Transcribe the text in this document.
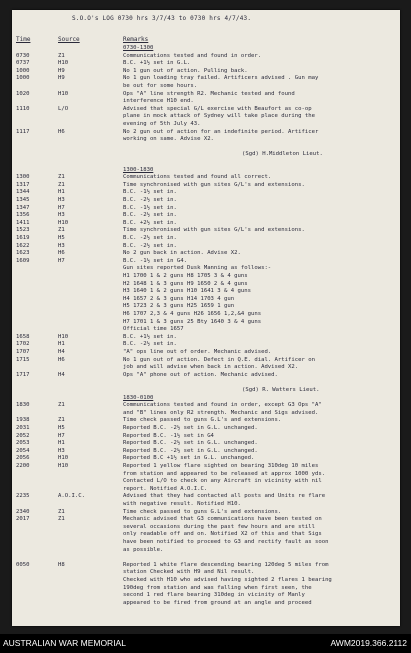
S.O.O's LOG 0730 hrs 3/7/43 to 0730 hrs 4/7/43.
Time	Source	Remarks
0730-1300
0730	Z1	Communications tested and found in order.
0737	H10	B.C. +1½ set in G.L.
1000	H9	No 1 gun out of action. Pulling back.
1000	H9	No 1 gun loading tray failed. Artificers advised . Gun may
be out for some hours.
1020	H10	Ops "A" line strength R2. Mechanic tested and found
interference H10 end.
1110	L/O	Advised that special G/L exercise with Beaufort as co-op
plane in mock attack of Sydney will take place during the
evening of 5th July 43.
1117	H6	No 2 gun out of action for an indefinite period. Artificer
working on same. Advise X2.
(Sgd) H.Middleton Lieut.
1300-1830
1300	Z1	Communications tested and found all correct.
1317	Z1	Time synchronised with gun sites G/L's and extensions.
1344	H1	B.C. -1½ set in.
1345	H3	B.C. -2½ set in.
1347	H7	B.C. -1½ set in.
1356	H3	B.C. -2½ set in.
1411	H10	B.C. +2½ set in.
1523	Z1	Time synchronised with gun sites G/L's and extensions.
1619	H5	B.C. -2½ set in.
1622	H3	B.C. -2½ set in.
1623	H6	No 2 gun back in action. Advise X2.
1609	H7	B.C. -1½ set in G4.
Gun sites reported Dusk Manning as follows:-
H1 1700 1 & 2 guns H8 1705 3 & 4 guns
H2 1648 1 & 3 guns H9 1650 2 & 4 guns
H3 1640 1 & 2 guns H10 1641 3 & 4 guns
H4 1657 2 & 3 guns H14 1703 4 gun
H5 1723 2 & 3 guns H25 1659 1 gun
H6 1707 2,3 & 4 guns H26 1656 1,2,&4 guns
H7 1701 1 & 3 guns 25 Bty 1640 3 & 4 guns
Official time 1657
1658	H10	B.C. +1½ set in.
1702	H1	B.C. -2½ set in.
1707	H4	"A" ops line out of order. Mechanic advised.
1715	H6	No 1 gun out of action. Defect in Q.E. dial. Artificer on
job and will advise when back in action. Advised X2.
1717	H4	Ops "A" phone out of action. Mechanic advised.
(Sgd) R. Watters Lieut.
1830-0100
1830	Z1	Communications tested and found in order, except G3 Ops "A"
and "B" lines only R2 strength. Mechanic and Sigs advised.
1938	Z1	Time check passed to guns G.L's and extensions.
2031	H5	Reported B.C. -2½ set in G.L. unchanged.
2052	H7	Reported B.C. -1½ set in G4
2053	H1	Reported B.C. -2½ set in G.L. unchanged.
2054	H3	Reported B.C. -2½ set in G.L. unchanged.
2056	H10	Reported B.C +1½ set in G.L. unchanged.
2200	H10	Reported 1 yellow flare sighted on bearing 310deg 10 miles
from station and appeared to be released at approx 1000 yds.
Contacted L/O to check on any Aircraft in vicinity with nil
report. Notified A.O.I.C.
2235	A.O.I.C.	Advised that they had contacted all posts and Units re flare
with negative result. Notified H10.
2340	Z1	Time check passed to guns G.L's and extensions.
2017	Z1	Mechanic advised that G3 communications have been tested on
several occasions during the past few hours and are still
only readable off and on. Notified X2 of this and that Sigs
have been notified to proceed to G3 and rectify fault as soon
as possible.
0050	H8	Reported 1 white flare descending bearing 120deg 5 miles from
station Checked with H9 and Nil result.
Checked with H10 who advised having sighted 2 flares 1 bearing
190deg from station and was falling when first seen, the
second 1 red flare bearing 310deg in vicinity of Manly
appeared to be fired from ground at an angle and proceed
AUSTRALIAN WAR MEMORIAL	AWM2019.366.2112
